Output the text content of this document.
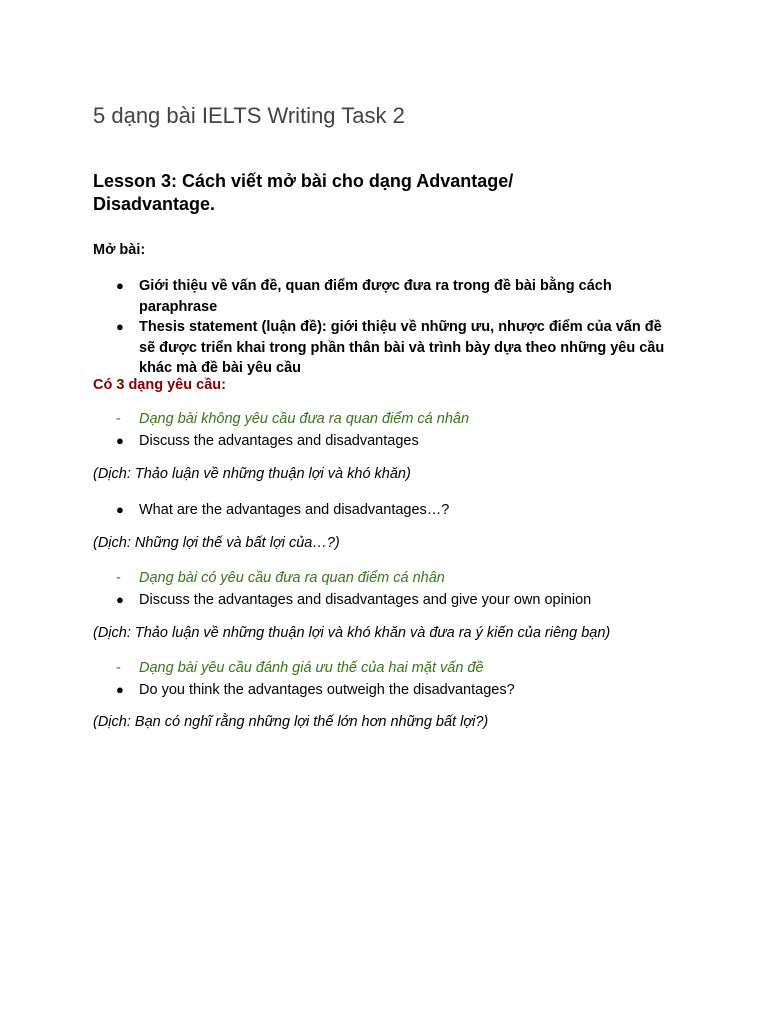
5 dạng bài IELTS Writing Task 2
Lesson 3: Cách viết mở bài cho dạng Advantage/ Disadvantage.
Mở bài:
● Giới thiệu về vấn đề, quan điểm được đưa ra trong đề bài bằng cách paraphrase
● Thesis statement (luận đề): giới thiệu về những ưu, nhược điểm của vấn đề sẽ được triển khai trong phần thân bài và trình bày dựa theo những yêu cầu khác mà đề bài yêu cầu
Có 3 dạng yêu cầu:
- Dạng bài không yêu cầu đưa ra quan điểm cá nhân
● Discuss the advantages and disadvantages
(Dịch: Thảo luận về những thuận lợi và khó khăn)
● What are the advantages and disadvantages…?
(Dịch: Những lợi thế và bất lợi của…?)
- Dạng bài có yêu cầu đưa ra quan điểm cá nhân
● Discuss the advantages and disadvantages and give your own opinion
(Dịch: Thảo luận về những thuận lợi và khó khăn và đưa ra ý kiến của riêng bạn)
- Dạng bài yêu cầu đánh giá ưu thế của hai mặt vấn đề
● Do you think the advantages outweigh the disadvantages?
(Dịch: Bạn có nghĩ rằng những lợi thế lớn hơn những bất lợi?)
